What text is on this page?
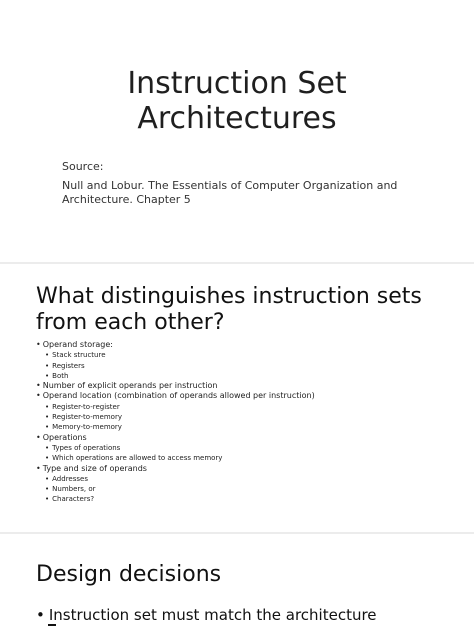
Instruction Set
Architectures

Source:

Null and Lobur. The Essentials of Computer Organization and Architecture. Chapter 5

What distinguishes instruction sets
from each other?
• Operand storage:
• Stack structure
• Registers
• Both
• Number of explicit operands per instruction
• Operand location (combination of operands allowed per instruction)
• Register-to-register
• Register-to-memory
• Memory-to-memory
• Operations
• Types of operations
• Which operations are allowed to access memory
• Type and size of operands
• Addresses
• Numbers, or
• Characters?
Design decisions

• Instruction set must match the architecture
